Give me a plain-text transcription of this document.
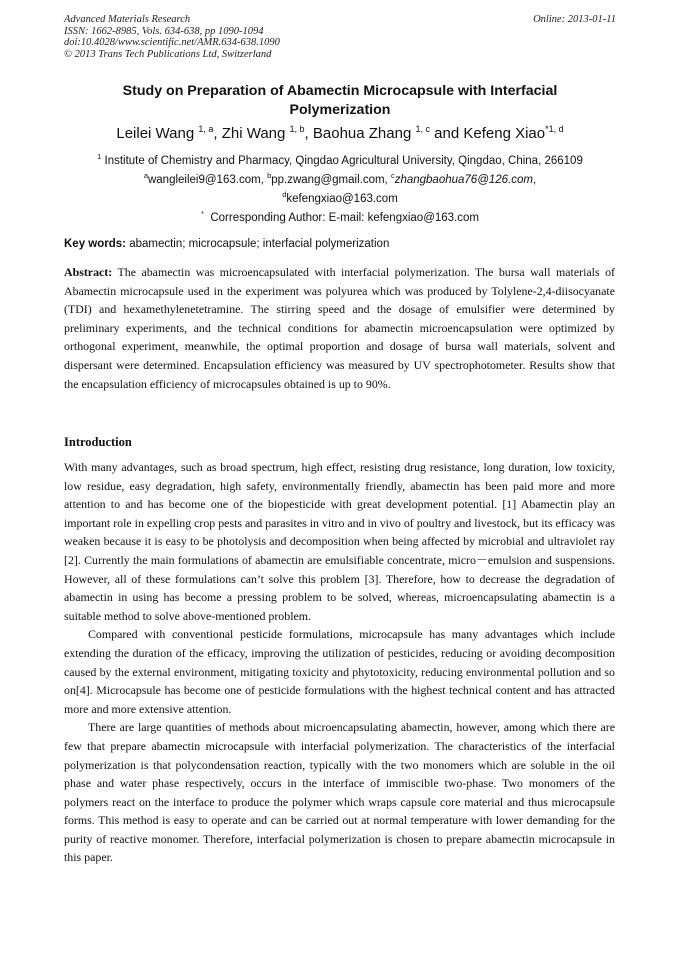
Advanced Materials Research
ISSN: 1662-8985, Vols. 634-638, pp 1090-1094
doi:10.4028/www.scientific.net/AMR.634-638.1090
© 2013 Trans Tech Publications Ltd, Switzerland
Online: 2013-01-11
Study on Preparation of Abamectin Microcapsule with Interfacial
Polymerization
Leilei Wang $^{1, a}$, Zhi Wang $^{1, b}$, Baohua Zhang $^{1, c}$ and Kefeng Xiao$^{*1, d}$
$^1$ Institute of Chemistry and Pharmacy, Qingdao Agricultural University, Qingdao, China, 266109
$^a$wangleilei9@163.com, $^b$pp.zwang@gmail.com, $^c$zhangbaohua76@126.com,
$^d$kefengxiao@163.com
* Corresponding Author: E-mail: kefengxiao@163.com
Key words: abamectin; microcapsule; interfacial polymerization
Abstract: The abamectin was microencapsulated with interfacial polymerization. The bursa wall materials of Abamectin microcapsule used in the experiment was polyurea which was produced by Tolylene-2,4-diisocyanate (TDI) and hexamethylenetetramine. The stirring speed and the dosage of emulsifier were determined by preliminary experiments, and the technical conditions for abamectin microencapsulation were optimized by orthogonal experiment, meanwhile, the optimal proportion and dosage of bursa wall materials, solvent and dispersant were determined. Encapsulation efficiency was measured by UV spectrophotometer. Results show that the encapsulation efficiency of microcapsules obtained is up to 90%.
Introduction

With many advantages, such as broad spectrum, high effect, resisting drug resistance, long duration, low toxicity, low residue, easy degradation, high safety, environmentally friendly, abamectin has been paid more and more attention to and has become one of the biopesticide with great development potential. [1] Abamectin play an important role in expelling crop pests and parasites in vitro and in vivo of poultry and livestock, but its efficacy was weaken because it is easy to be photolysis and decomposition when being affected by microbial and ultraviolet ray [2]. Currently the main formulations of abamectin are emulsifiable concentrate, micro－emulsion and suspensions. However, all of these formulations can’t solve this problem [3]. Therefore, how to decrease the degradation of abamectin in using has become a pressing problem to be solved, whereas, microencapsulating abamectin is a suitable method to solve above-mentioned problem.

Compared with conventional pesticide formulations, microcapsule has many advantages which include extending the duration of the efficacy, improving the utilization of pesticides, reducing or avoiding decomposition caused by the external environment, mitigating toxicity and phytotoxicity, reducing environmental pollution and so on[4]. Microcapsule has become one of pesticide formulations with the highest technical content and has attracted more and more extensive attention.

There are large quantities of methods about microencapsulating abamectin, however, among which there are few that prepare abamectin microcapsule with interfacial polymerization. The characteristics of the interfacial polymerization is that polycondensation reaction, typically with the two monomers which are soluble in the oil phase and water phase respectively, occurs in the interface of immiscible two-phase. Two monomers of the polymers react on the interface to produce the polymer which wraps capsule core material and thus microcapsule forms. This method is easy to operate and can be carried out at normal temperature with lower demanding for the purity of reactive monomer. Therefore, interfacial polymerization is chosen to prepare abamectin microcapsule in this paper.
